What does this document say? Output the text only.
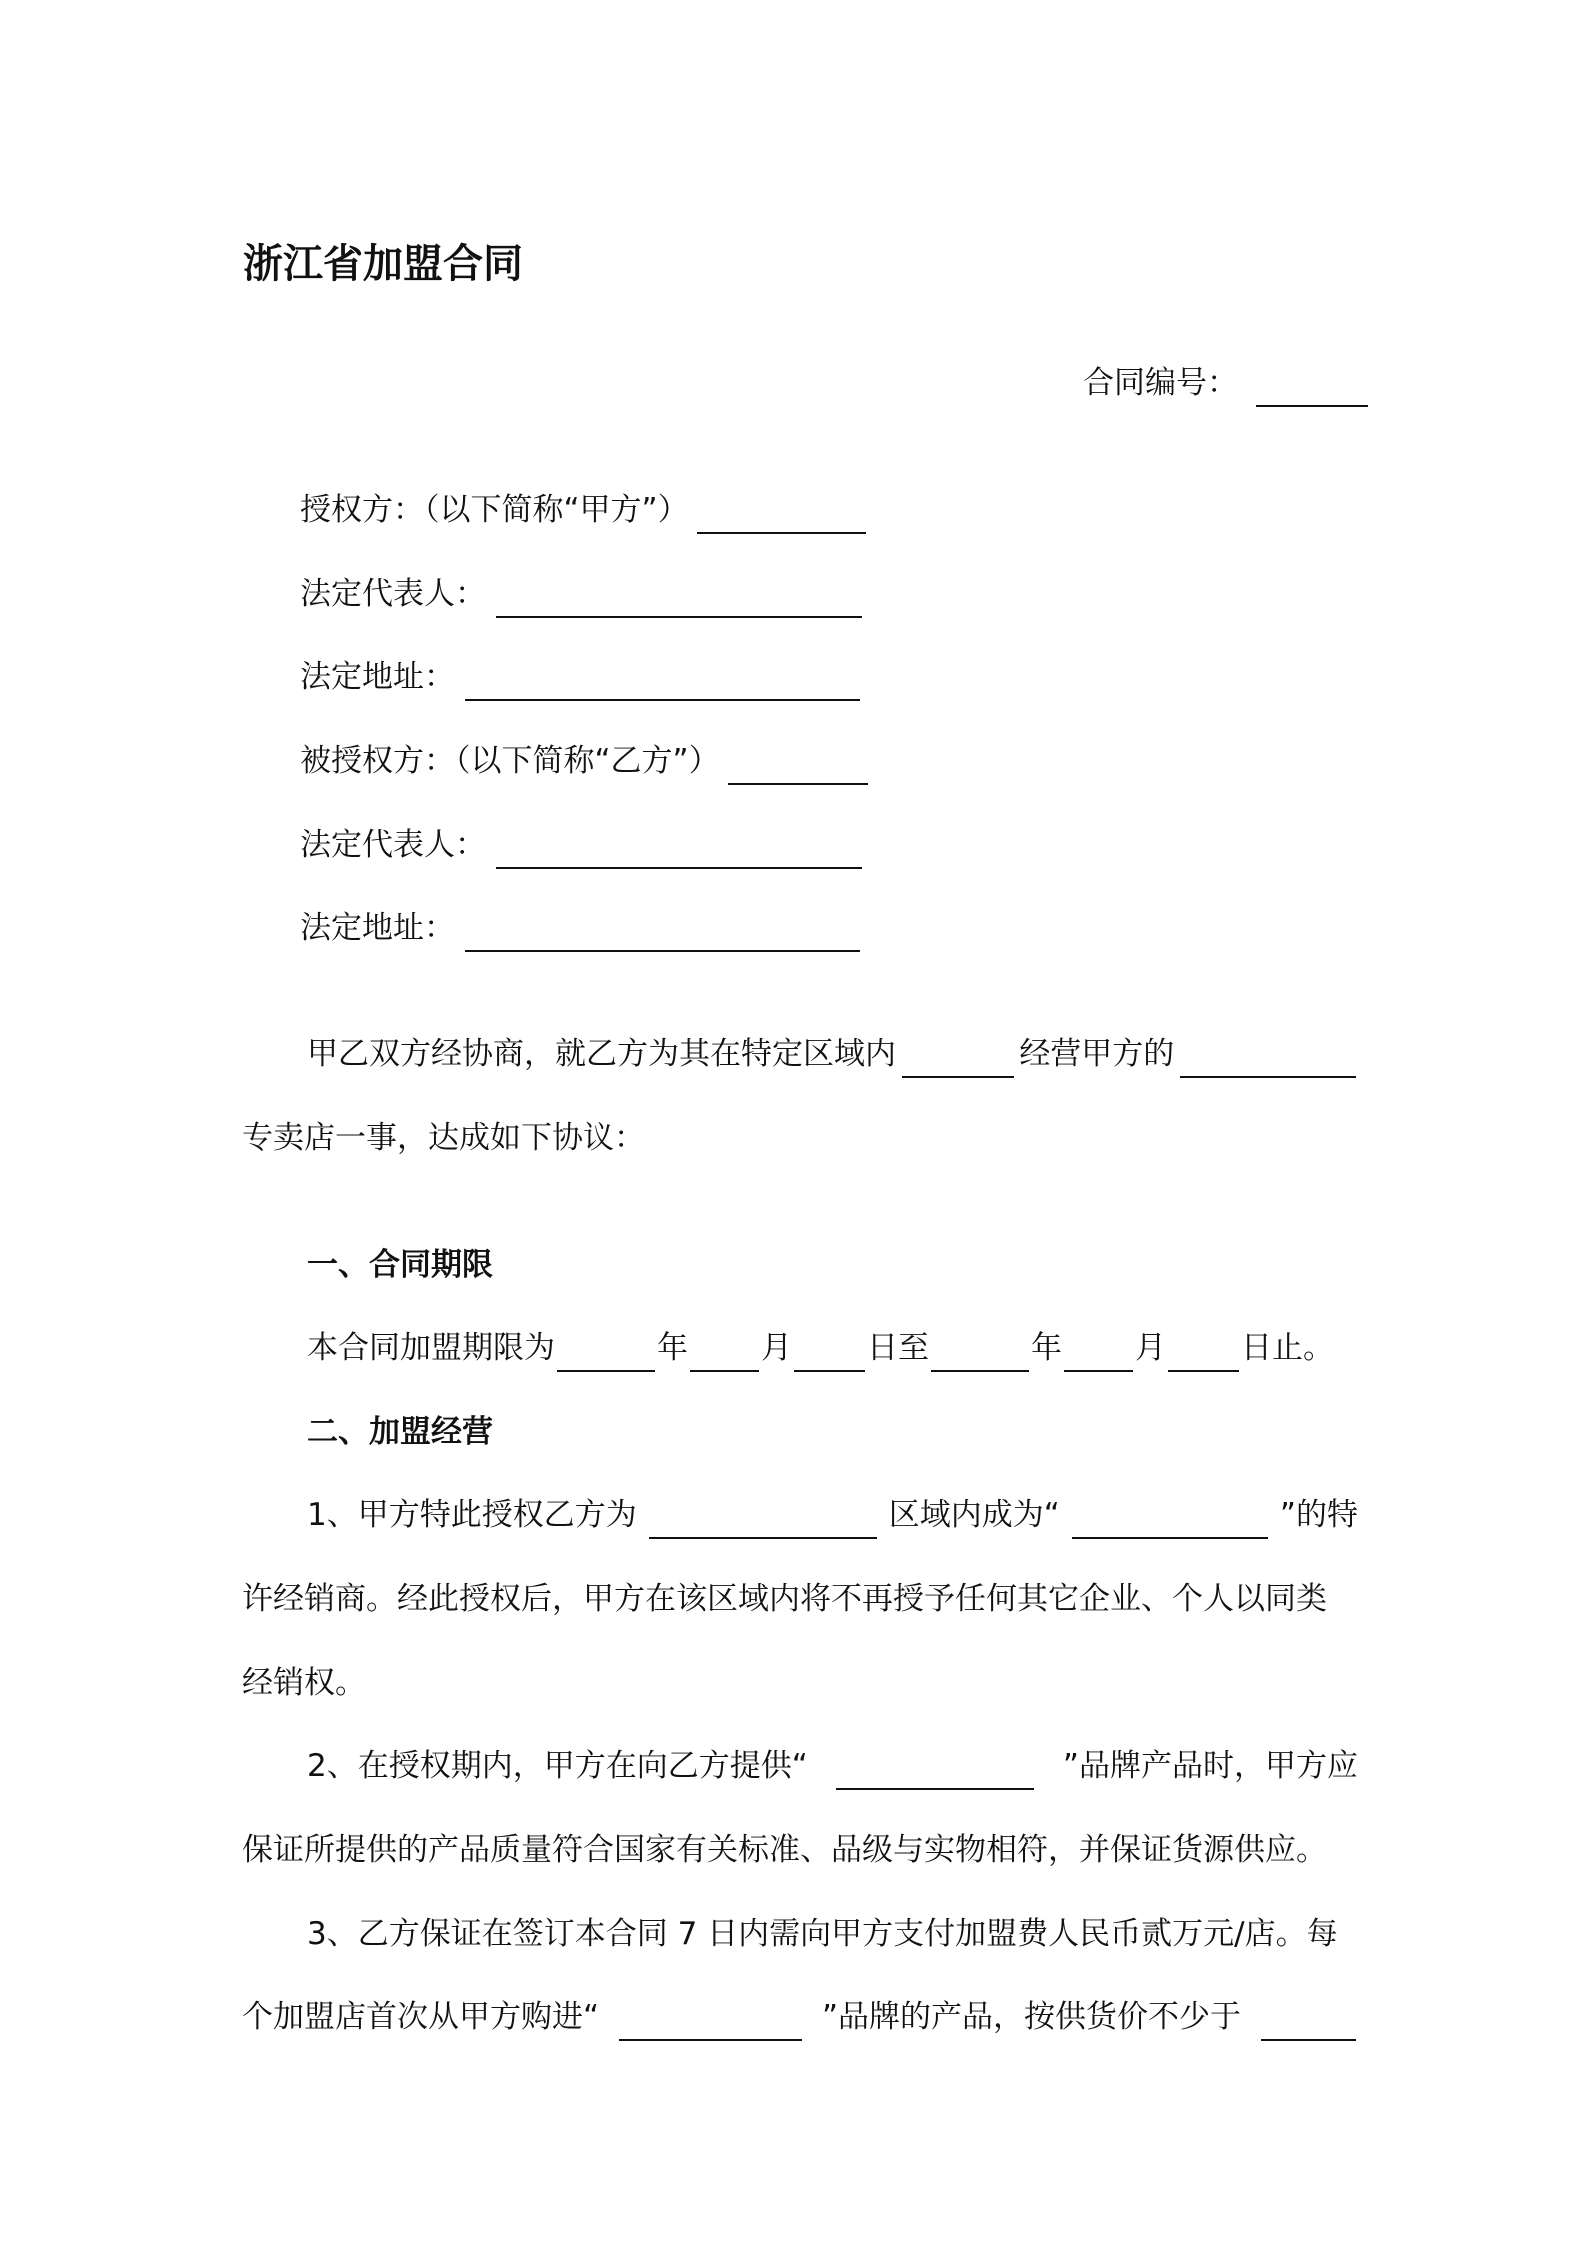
浙江省加盟合同
合同编号：
授权方：（以下简称“甲方”）
法定代表人：
法定地址：
被授权方：（以下简称“乙方”）
法定代表人：
法定地址：
甲乙双方经协商，就乙方为其在特定区域内	经营甲方的
专卖店一事，达成如下协议：
一、合同期限
本合同加盟期限为	年 月 日至	年 月 日止。
二、加盟经营
1、甲方特此授权乙方为	区域内成为“	”的特
许经销商。经此授权后，甲方在该区域内将不再授予任何其它企业、个人以同类
经销权。
2、在授权期内，甲方在向乙方提供“	”品牌产品时，甲方应
保证所提供的产品质量符合国家有关标准、品级与实物相符，并保证货源供应。
3、乙方保证在签订本合同 7 日内需向甲方支付加盟费人民币贰万元/店。每
个加盟店首次从甲方购进“	”品牌的产品，按供货价不少于
